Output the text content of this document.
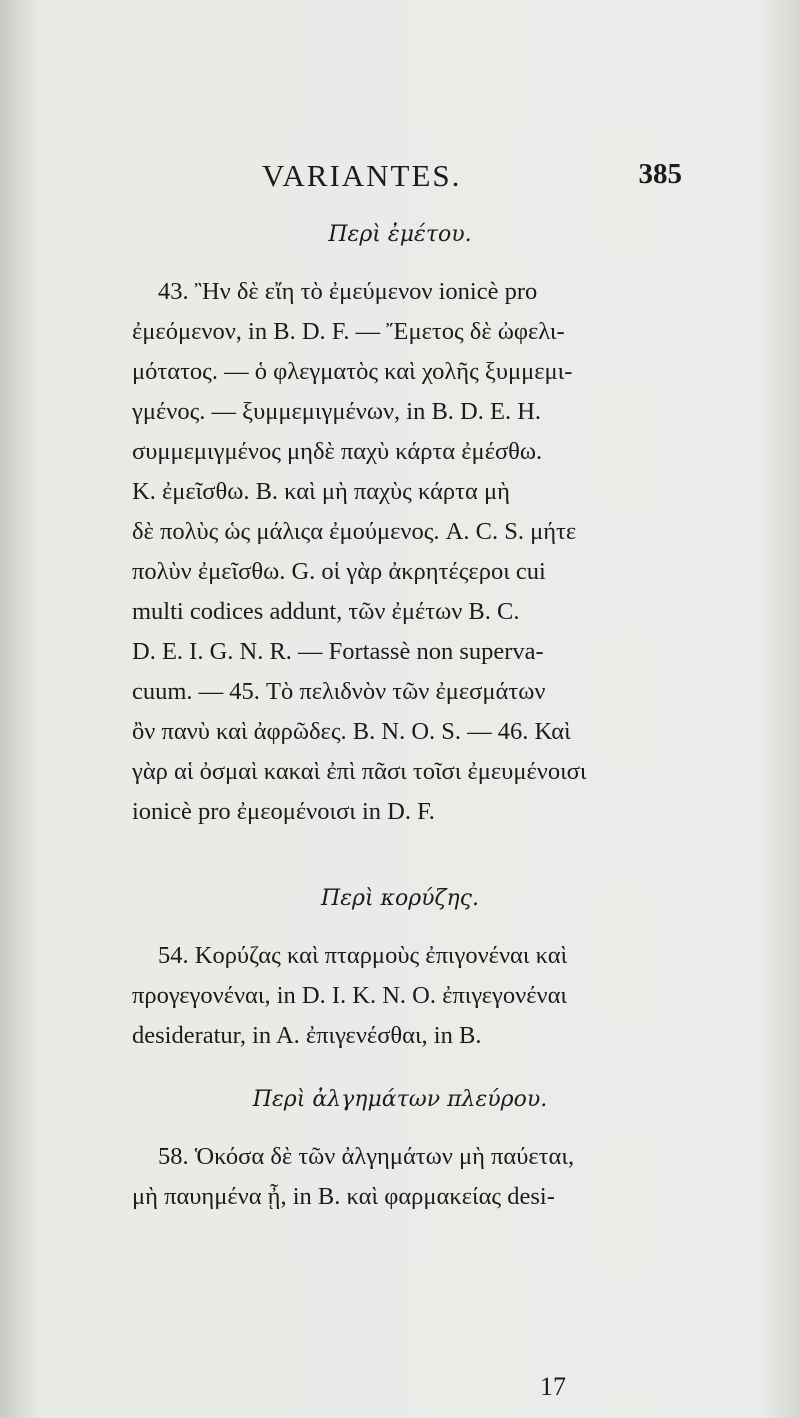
VARIANTES.	385
Περὶ ἐμέτου.
43. Ἢν δὲ εἴη τὸ ἐμεύμενον ionicè pro
ἐμεόμενον, in B. D. F. — Ἔμετος δὲ ὠφελι-
μότατος. — ὁ φλεγματὸς καὶ χολῆς ξυμμεμι-
γμένος. — ξυμμεμιγμένων, in B. D. E. H.
συμμεμιγμένος μηδὲ παχὺ κάρτα ἐμέσθω.
K. ἐμεῖσθω. B. καὶ μὴ παχὺς κάρτα μὴ
δὲ πολὺς ὡς μάλιςα ἐμούμενος. A. C. S. μήτε
πολὺν ἐμεῖσθω. G. οἱ γὰρ ἀκρητέςεροι cui
multi codices addunt, τῶν ἐμέτων B. C.
D. E. I. G. N. R. — Fortassè non superva-
cuum. — 45. Τὸ πελιδνὸν τῶν ἐμεσμάτων
ὂν πανὺ καὶ ἀφρῶδες. B. N. O. S. — 46. Καὶ
γὰρ αἱ ὀσμαὶ κακαὶ ἐπὶ πᾶσι τοῖσι ἐμευμένοισι
ionicè pro ἐμεομένοισι in D. F.
Περὶ κορύζης.
54. Κορύζας καὶ πταρμοὺς ἐπιγονέναι καὶ
προγεγονέναι, in D. I. K. N. O. ἐπιγεγονέναι
desideratur, in A. ἐπιγενέσθαι, in B.
Περὶ ἀλγημάτων πλεύρου.
58. Ὁκόσα δὲ τῶν ἀλγημάτων μὴ παύεται,
μὴ παυημένα ᾖ, in B. καὶ φαρμακείας desi-
17
